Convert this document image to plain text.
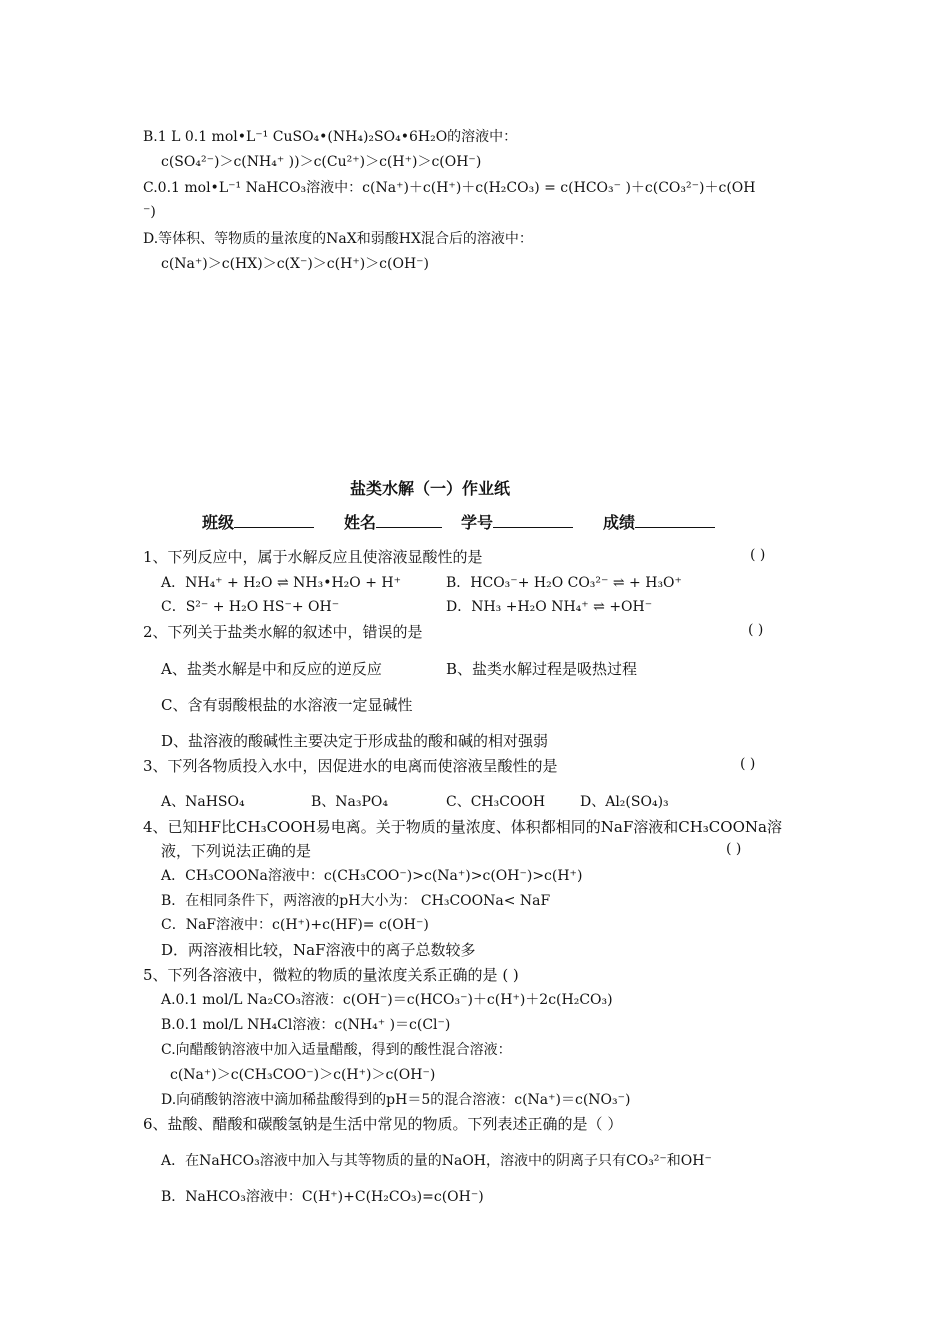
B.1 L 0.1 mol•L⁻¹ CuSO₄•(NH₄)₂SO₄•6H₂O的溶液中：
c(SO₄²⁻)＞c(NH₄⁺ ))＞c(Cu²⁺)＞c(H⁺)＞c(OH⁻)
C.0.1 mol•L⁻¹ NaHCO₃溶液中：c(Na⁺)＋c(H⁺)＋c(H₂CO₃) = c(HCO₃⁻ )＋c(CO₃²⁻)＋c(OH
⁻)
D.等体积、等物质的量浓度的NaX和弱酸HX混合后的溶液中：
c(Na⁺)＞c(HX)＞c(X⁻)＞c(H⁺)＞c(OH⁻)
盐类水解（一）作业纸
班级	姓名	学号	成绩
1、下列反应中，属于水解反应且使溶液显酸性的是	( )
A．NH₄⁺ + H₂O ⇌ NH₃•H₂O + H⁺	B．HCO₃⁻+ H₂O CO₃²⁻ ⇌ + H₃O⁺
C．S²⁻ + H₂O HS⁻+ OH⁻	D．NH₃ +H₂O NH₄⁺ ⇌ +OH⁻
2、下列关于盐类水解的叙述中，错误的是	( )
A、盐类水解是中和反应的逆反应	B、盐类水解过程是吸热过程
C、含有弱酸根盐的水溶液一定显碱性
D、盐溶液的酸碱性主要决定于形成盐的酸和碱的相对强弱
3、下列各物质投入水中，因促进水的电离而使溶液呈酸性的是	( )
A、NaHSO₄	B、Na₃PO₄	C、CH₃COOH D、Al₂(SO₄)₃
4、已知HF比CH₃COOH易电离。关于物质的量浓度、体积都相同的NaF溶液和CH₃COONa溶
液，下列说法正确的是	( )
A．CH₃COONa溶液中：c(CH₃COO⁻)>c(Na⁺)>c(OH⁻)>c(H⁺)
B．在相同条件下，两溶液的pH大小为： CH₃COONa< NaF
C．NaF溶液中：c(H⁺)+c(HF)= c(OH⁻)
D．两溶液相比较，NaF溶液中的离子总数较多
5、下列各溶液中，微粒的物质的量浓度关系正确的是 ( )
A.0.1 mol/L Na₂CO₃溶液：c(OH⁻)＝c(HCO₃⁻)＋c(H⁺)＋2c(H₂CO₃)
B.0.1 mol/L NH₄Cl溶液：c(NH₄⁺ )＝c(Cl⁻)
C.向醋酸钠溶液中加入适量醋酸，得到的酸性混合溶液：
c(Na⁺)＞c(CH₃COO⁻)＞c(H⁺)＞c(OH⁻)
D.向硝酸钠溶液中滴加稀盐酸得到的pH＝5的混合溶液：c(Na⁺)＝c(NO₃⁻)
6、盐酸、醋酸和碳酸氢钠是生活中常见的物质。下列表述正确的是（ ）
A．在NaHCO₃溶液中加入与其等物质的量的NaOH，溶液中的阴离子只有CO₃²⁻和OH⁻
B．NaHCO₃溶液中：C(H⁺)+C(H₂CO₃)=c(OH⁻)
